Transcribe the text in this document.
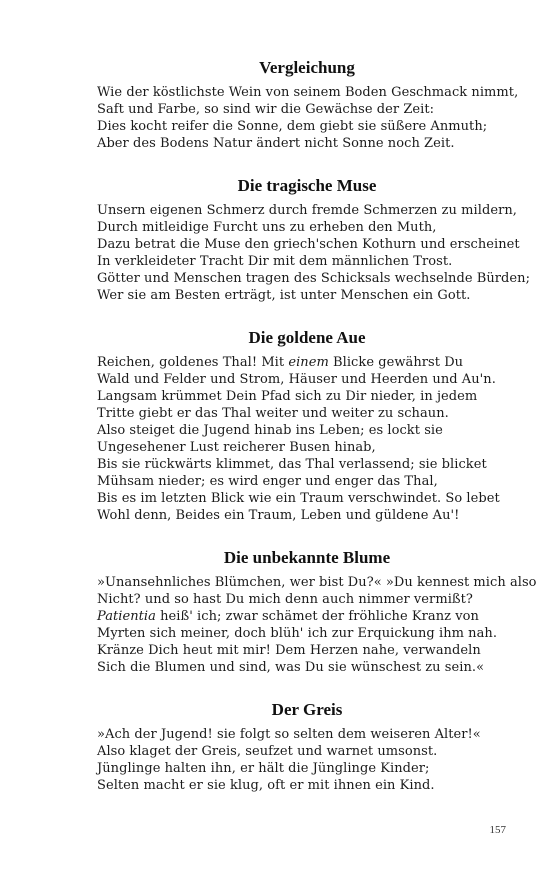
Vergleichung
Wie der köstlichste Wein von seinem Boden Geschmack nimmt,
Saft und Farbe, so sind wir die Gewächse der Zeit:
Dies kocht reifer die Sonne, dem giebt sie süßere Anmuth;
Aber des Bodens Natur ändert nicht Sonne noch Zeit.
Die tragische Muse
Unsern eigenen Schmerz durch fremde Schmerzen zu mildern,
Durch mitleidige Furcht uns zu erheben den Muth,
Dazu betrat die Muse den griech'schen Kothurn und erscheinet
In verkleideter Tracht Dir mit dem männlichen Trost.
Götter und Menschen tragen des Schicksals wechselnde Bürden;
Wer sie am Besten erträgt, ist unter Menschen ein Gott.
Die goldene Aue
Reichen, goldenes Thal! Mit einem Blicke gewährst Du
Wald und Felder und Strom, Häuser und Heerden und Au'n.
Langsam krümmet Dein Pfad sich zu Dir nieder, in jedem
Tritte giebt er das Thal weiter und weiter zu schaun.
Also steiget die Jugend hinab ins Leben; es lockt sie
Ungesehener Lust reicherer Busen hinab,
Bis sie rückwärts klimmet, das Thal verlassend; sie blicket
Mühsam nieder; es wird enger und enger das Thal,
Bis es im letzten Blick wie ein Traum verschwindet. So lebet
Wohl denn, Beides ein Traum, Leben und güldene Au'!
Die unbekannte Blume
»Unansehnliches Blümchen, wer bist Du?« »Du kennest mich also
Nicht? und so hast Du mich denn auch nimmer vermißt?
Patientia heiß' ich; zwar schämet der fröhliche Kranz von
Myrten sich meiner, doch blüh' ich zur Erquickung ihm nah.
Kränze Dich heut mit mir! Dem Herzen nahe, verwandeln
Sich die Blumen und sind, was Du sie wünschest zu sein.«
Der Greis
»Ach der Jugend! sie folgt so selten dem weiseren Alter!«
Also klaget der Greis, seufzet und warnet umsonst.
Jünglinge halten ihn, er hält die Jünglinge Kinder;
Selten macht er sie klug, oft er mit ihnen ein Kind.
157
